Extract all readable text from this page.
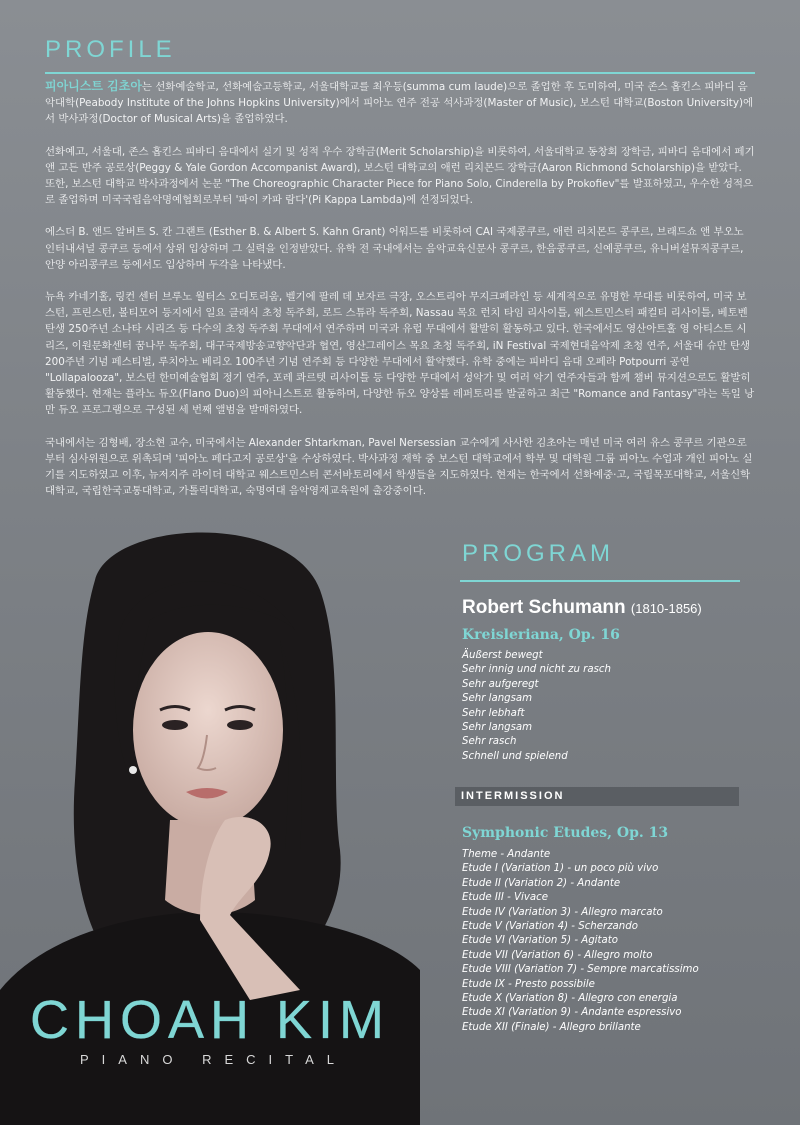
PROFILE

피아니스트 김초아는 선화예술학교, 선화예술고등학교, 서울대학교를 최우등(summa cum laude)으로 졸업한 후 도미하여, 미국 존스 홉킨스 피바디 음악대학(Peabody Institute of the Johns Hopkins University)에서 피아노 연주 전공 석사과정(Master of Music), 보스턴 대학교(Boston University)에서 박사과정(Doctor of Musical Arts)을 졸업하였다.

선화예고, 서울대, 존스 홉킨스 피바디 음대에서 실기 및 성적 우수 장학금(Merit Scholarship)을 비롯하여, 서울대학교 동창회 장학금, 피바디 음대에서 페기 앤 고든 반주 공로상(Peggy & Yale Gordon Accompanist Award), 보스턴 대학교의 애런 리치몬드 장학금(Aaron Richmond Scholarship)을 받았다. 또한, 보스턴 대학교 박사과정에서 논문 "The Choreographic Character Piece for Piano Solo, Cinderella by Prokofiev"를 발표하였고, 우수한 성적으로 졸업하며 미국국립음악명예협회로부터 '파이 카파 람다'(Pi Kappa Lambda)에 선정되었다.

에스더 B. 앤드 알버트 S. 칸 그랜트 (Esther B. & Albert S. Kahn Grant) 어워드를 비롯하여 CAI 국제콩쿠르, 애런 리치몬드 콩쿠르, 브래드쇼 앤 부오노 인터내셔널 콩쿠르 등에서 상위 입상하며 그 실력을 인정받았다. 유학 전 국내에서는 음악교육신문사 콩쿠르, 한음콩쿠르, 신예콩쿠르, 유니버설뮤직콩쿠르, 안양 아리콩쿠르 등에서도 입상하며 두각을 나타냈다.

뉴욕 카네기홀, 링컨 센터 브루노 월터스 오디토리움, 벨기에 팔레 데 보자르 극장, 오스트리아 무지크페라인 등 세계적으로 유명한 무대를 비롯하여, 미국 보스턴, 프린스턴, 볼티모어 등지에서 일요 클래식 초청 독주회, 로드 스튜라 독주회, Nassau 목요 런치 타임 리사이틀, 웨스트민스터 패컬티 리사이틀, 베토벤 탄생 250주년 소나타 시리즈 등 다수의 초청 독주회 무대에서 연주하며 미국과 유럽 무대에서 활발히 활동하고 있다. 한국에서도 영산아트홀 영 아티스트 시리즈, 이원문화센터 꿈나무 독주회, 대구국제방송교향악단과 협연, 영산그레이스 목요 초청 독주회, iN Festival 국제현대음악제 초청 연주, 서울대 슈만 탄생 200주년 기념 페스티벌, 루치아노 베리오 100주년 기념 연주회 등 다양한 무대에서 활약했다. 유학 중에는 피바디 음대 오페라 Potpourri 공연 "Lollapalooza", 보스턴 한미예술협회 정기 연주, 포레 콰르텟 리사이틀 등 다양한 무대에서 성악가 및 여러 악기 연주자들과 함께 챔버 뮤지션으로도 활발히 활동했다. 현재는 플라노 듀오(Flano Duo)의 피아니스트로 활동하며, 다양한 듀오 양상를 레퍼토리를 발굴하고 최근 "Romance and Fantasy"라는 독일 낭만 듀오 프로그램으로 구성된 세 번째 앨범을 발매하였다.

국내에서는 김형배, 장소현 교수, 미국에서는 Alexander Shtarkman, Pavel Nersessian 교수에게 사사한 김초아는 매년 미국 여러 유스 콩쿠르 기관으로부터 심사위원으로 위촉되며 '피아노 페다고지 공로상'을 수상하였다. 박사과정 재학 중 보스턴 대학교에서 학부 및 대학원 그룹 피아노 수업과 개인 피아노 실기를 지도하였고 이후, 뉴저지주 라이더 대학교 웨스트민스터 콘서바토리에서 학생들을 지도하였다. 현재는 한국에서 선화예중·고, 국립목포대학교, 서울신학대학교, 국립한국교통대학교, 가톨릭대학교, 숙명여대 음악영재교육원에 출강중이다.

PROGRAM
Robert Schumann (1810-1856)
Kreisleriana, Op. 16
Äußerst bewegt
Sehr innig und nicht zu rasch
Sehr aufgeregt
Sehr langsam
Sehr lebhaft
Sehr langsam
Sehr rasch
Schnell und spielend
INTERMISSION
Symphonic Etudes, Op. 13
Theme - Andante
Etude I (Variation 1) - un poco più vivo
Etude II (Variation 2) - Andante
Etude III - Vivace
Etude IV (Variation 3) - Allegro marcato
Etude V (Variation 4) - Scherzando
Etude VI (Variation 5) - Agitato
Etude VII (Variation 6) - Allegro molto
Etude VIII (Variation 7) - Sempre marcatissimo
Etude IX - Presto possibile
Etude X (Variation 8) - Allegro con energia
Etude XI (Variation 9) - Andante espressivo
Etude XII (Finale) - Allegro brillante
CHOAH KIM
PIANO RECITAL
